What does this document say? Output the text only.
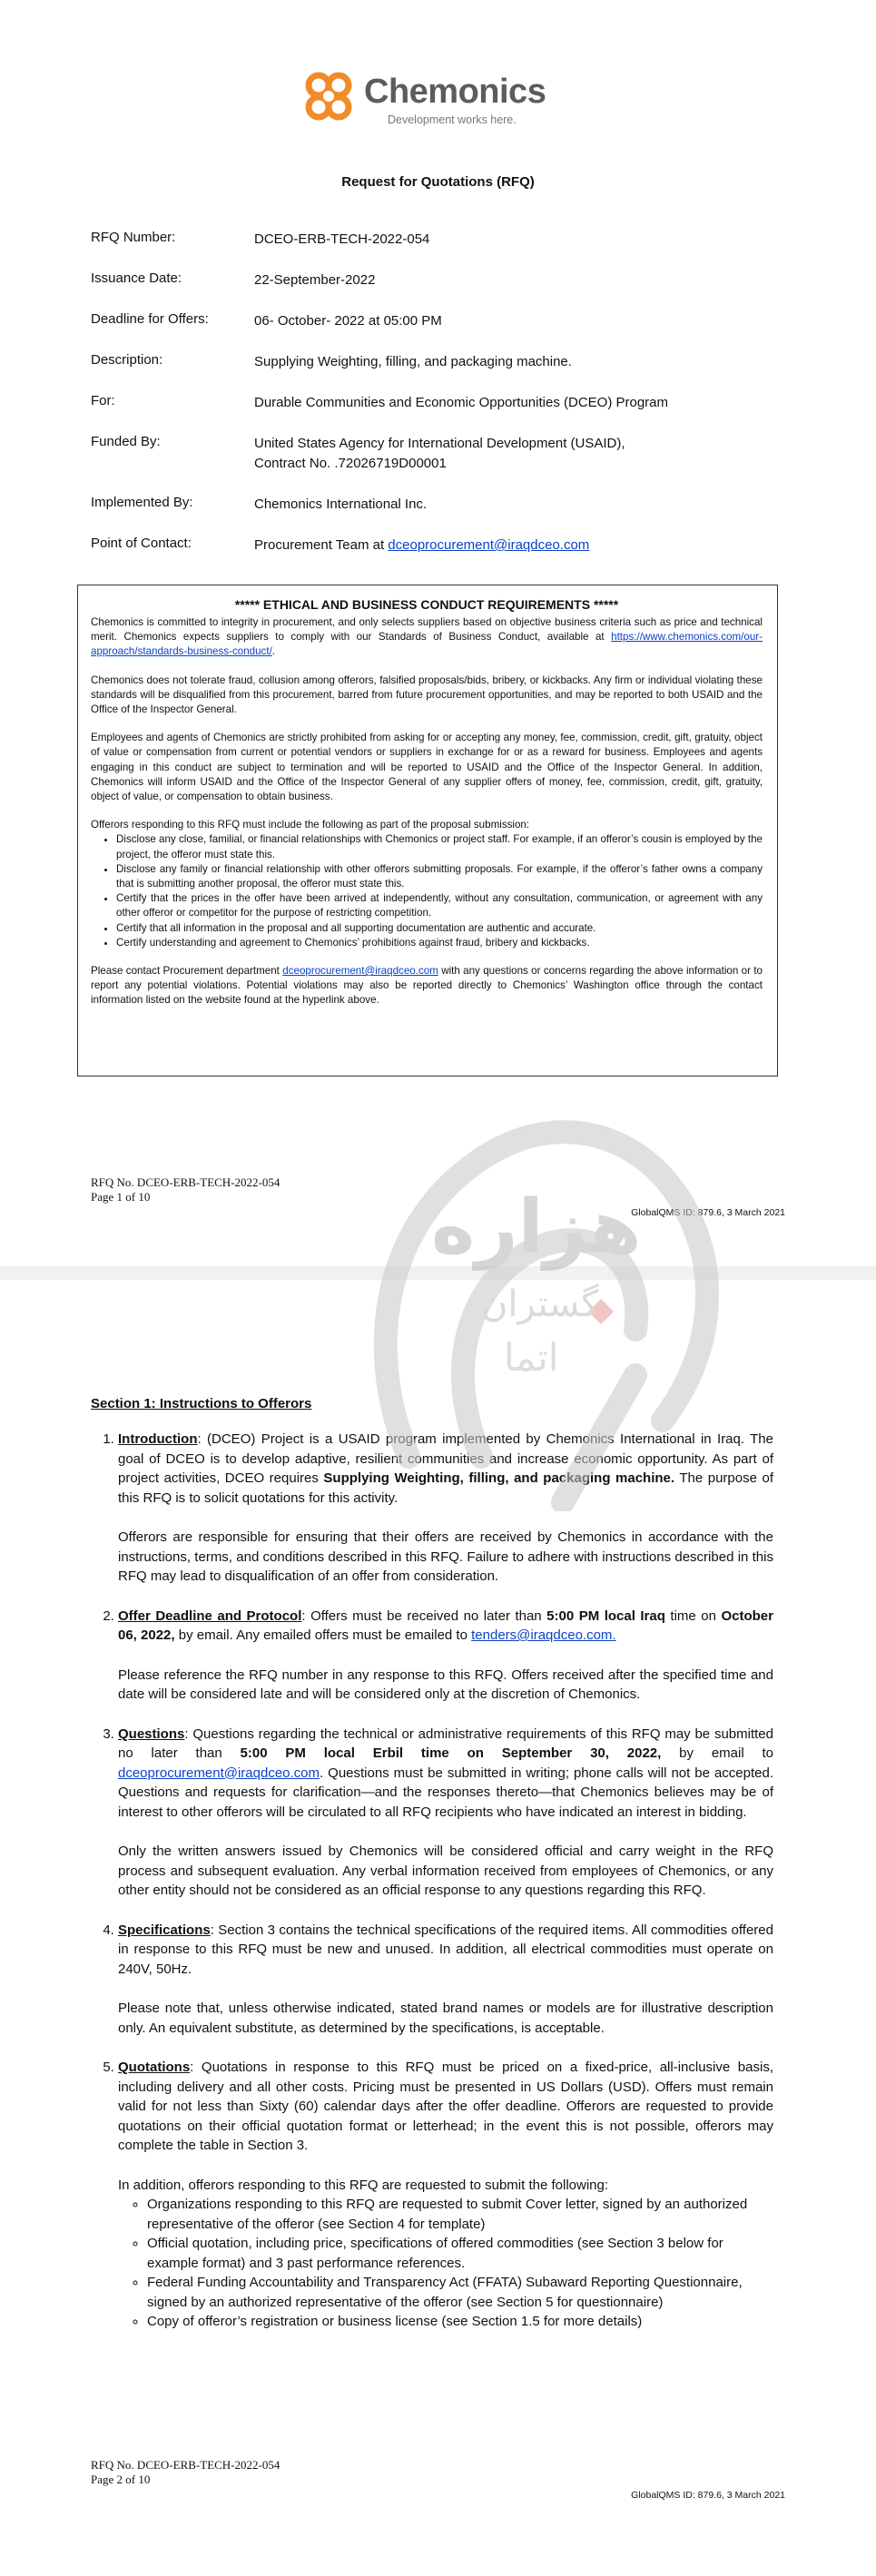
Chemonics
Development works here.
Request for Quotations (RFQ)
RFQ Number:	DCEO-ERB-TECH-2022-054
Issuance Date:	22-September-2022
Deadline for Offers:	06- October- 2022 at 05:00 PM
Description:	Supplying Weighting, filling, and packaging machine.
For:	Durable Communities and Economic Opportunities (DCEO) Program
Funded By:	United States Agency for International Development (USAID),
Contract No. .72026719D00001
Implemented By:	Chemonics International Inc.
Point of Contact:	Procurement Team at dceoprocurement@iraqdceo.com
***** ETHICAL AND BUSINESS CONDUCT REQUIREMENTS *****

Chemonics is committed to integrity in procurement, and only selects suppliers based on objective business criteria such as price and technical merit. Chemonics expects suppliers to comply with our Standards of Business Conduct, available at https://www.chemonics.com/our-approach/standards-business-conduct/.

Chemonics does not tolerate fraud, collusion among offerors, falsified proposals/bids, bribery, or kickbacks. Any firm or individual violating these standards will be disqualified from this procurement, barred from future procurement opportunities, and may be reported to both USAID and the Office of the Inspector General.

Employees and agents of Chemonics are strictly prohibited from asking for or accepting any money, fee, commission, credit, gift, gratuity, object of value or compensation from current or potential vendors or suppliers in exchange for or as a reward for business. Employees and agents engaging in this conduct are subject to termination and will be reported to USAID and the Office of the Inspector General. In addition, Chemonics will inform USAID and the Office of the Inspector General of any supplier offers of money, fee, commission, credit, gift, gratuity, object of value, or compensation to obtain business.

Offerors responding to this RFQ must include the following as part of the proposal submission:
• Disclose any close, familial, or financial relationships with Chemonics or project staff. For example, if an offeror’s cousin is employed by the project, the offeror must state this.
• Disclose any family or financial relationship with other offerors submitting proposals. For example, if the offeror’s father owns a company that is submitting another proposal, the offeror must state this.
• Certify that the prices in the offer have been arrived at independently, without any consultation, communication, or agreement with any other offeror or competitor for the purpose of restricting competition.
• Certify that all information in the proposal and all supporting documentation are authentic and accurate.
• Certify understanding and agreement to Chemonics’ prohibitions against fraud, bribery and kickbacks.

Please contact Procurement department dceoprocurement@iraqdceo.com with any questions or concerns regarding the above information or to report any potential violations. Potential violations may also be reported directly to Chemonics’ Washington office through the contact information listed on the website found at the hyperlink above.

RFQ No. DCEO-ERB-TECH-2022-054
Page 1 of 10
GlobalQMS ID: 879.6, 3 March 2021
Section 1: Instructions to Offerors

1. Introduction: (DCEO) Project is a USAID program implemented by Chemonics International in Iraq. The goal of DCEO is to develop adaptive, resilient communities and increase economic opportunity. As part of project activities, DCEO requires Supplying Weighting, filling, and packaging machine. The purpose of this RFQ is to solicit quotations for this activity.

Offerors are responsible for ensuring that their offers are received by Chemonics in accordance with the instructions, terms, and conditions described in this RFQ. Failure to adhere with instructions described in this RFQ may lead to disqualification of an offer from consideration.

2. Offer Deadline and Protocol: Offers must be received no later than 5:00 PM local Iraq time on October 06, 2022, by email. Any emailed offers must be emailed to tenders@iraqdceo.com.

Please reference the RFQ number in any response to this RFQ. Offers received after the specified time and date will be considered late and will be considered only at the discretion of Chemonics.

3. Questions: Questions regarding the technical or administrative requirements of this RFQ may be submitted no later than 5:00 PM local Erbil time on September 30, 2022, by email to dceoprocurement@iraqdceo.com. Questions must be submitted in writing; phone calls will not be accepted. Questions and requests for clarification—and the responses thereto—that Chemonics believes may be of interest to other offerors will be circulated to all RFQ recipients who have indicated an interest in bidding.

Only the written answers issued by Chemonics will be considered official and carry weight in the RFQ process and subsequent evaluation. Any verbal information received from employees of Chemonics, or any other entity should not be considered as an official response to any questions regarding this RFQ.

4. Specifications: Section 3 contains the technical specifications of the required items. All commodities offered in response to this RFQ must be new and unused. In addition, all electrical commodities must operate on 240V, 50Hz.

Please note that, unless otherwise indicated, stated brand names or models are for illustrative description only. An equivalent substitute, as determined by the specifications, is acceptable.

5. Quotations: Quotations in response to this RFQ must be priced on a fixed-price, all-inclusive basis, including delivery and all other costs. Pricing must be presented in US Dollars (USD). Offers must remain valid for not less than Sixty (60) calendar days after the offer deadline. Offerors are requested to provide quotations on their official quotation format or letterhead; in the event this is not possible, offerors may complete the table in Section 3.

In addition, offerors responding to this RFQ are requested to submit the following:
◦ Organizations responding to this RFQ are requested to submit Cover letter, signed by an authorized representative of the offeror (see Section 4 for template)
◦ Official quotation, including price, specifications of offered commodities (see Section 3 below for example format) and 3 past performance references.
◦ Federal Funding Accountability and Transparency Act (FFATA) Subaward Reporting Questionnaire, signed by an authorized representative of the offeror (see Section 5 for questionnaire)
◦ Copy of offeror’s registration or business license (see Section 1.5 for more details)
RFQ No. DCEO-ERB-TECH-2022-054
Page 2 of 10
GlobalQMS ID: 879.6, 3 March 2021
هزاره
گستران
اتما
